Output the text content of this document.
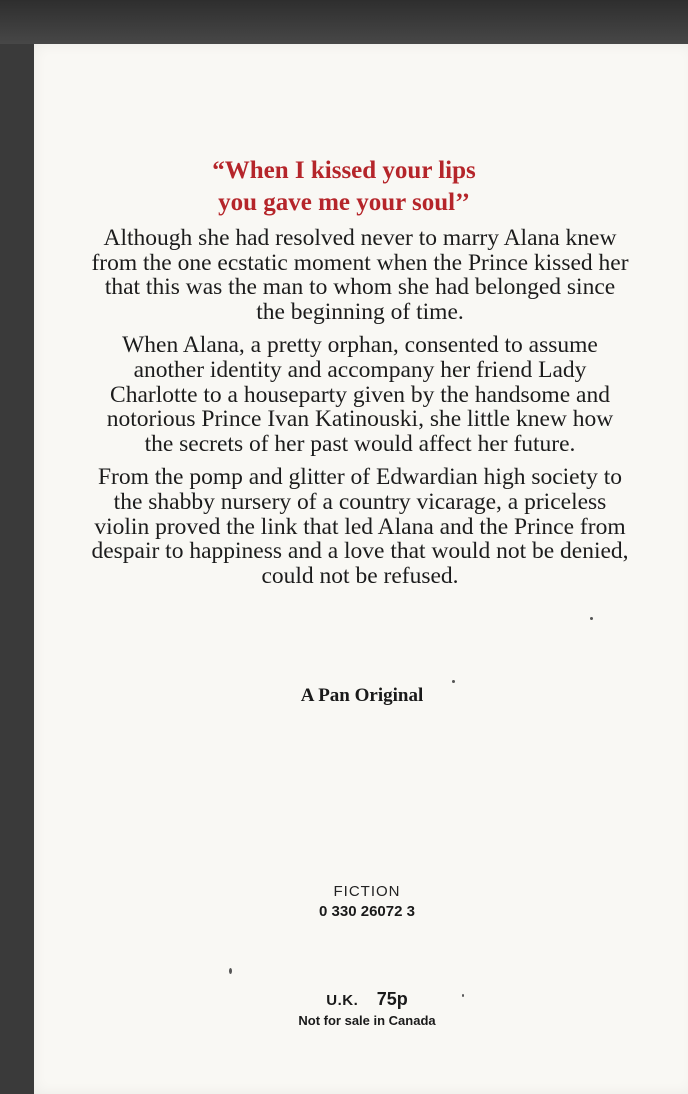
“When I kissed your lips
you gave me your soul’’

Although she had resolved never to marry Alana knew from the one ecstatic moment when the Prince kissed her that this was the man to whom she had belonged since the beginning of time.

When Alana, a pretty orphan, consented to assume another identity and accompany her friend Lady Charlotte to a houseparty given by the handsome and notorious Prince Ivan Katinouski, she little knew how the secrets of her past would affect her future.

From the pomp and glitter of Edwardian high society to the shabby nursery of a country vicarage, a priceless violin proved the link that led Alana and the Prince from despair to happiness and a love that would not be denied, could not be refused.

A Pan Original
FICTION
0 330 26072 3
U.K. 75p
Not for sale in Canada
